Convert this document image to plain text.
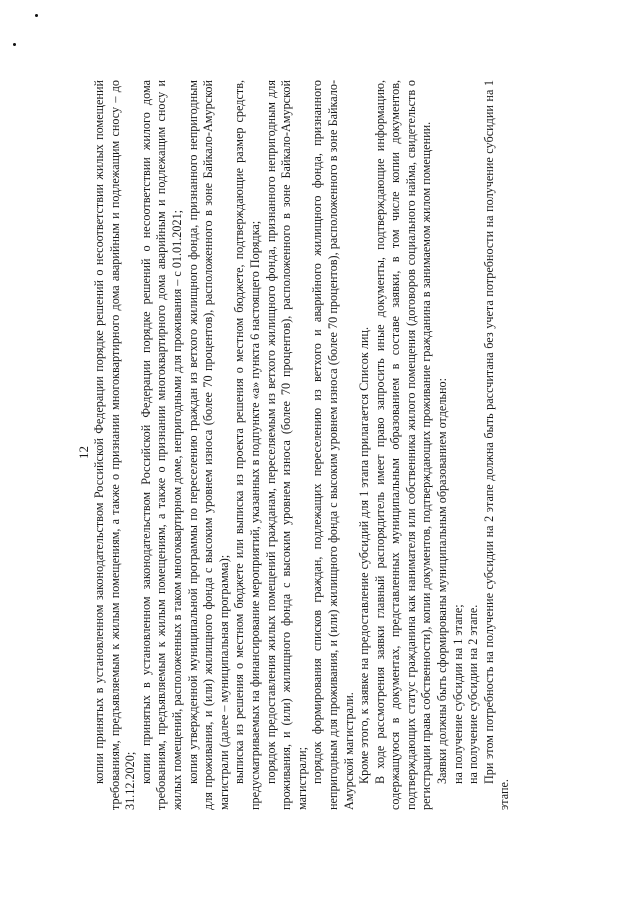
12 копии принятых в установленном законодательством Российской Федерации порядке решений о несоответствии жилых помещений требованиям, предъявляемым к жилым помещениям, а также о признании многоквартирного дома аварийным и подлежащим сносу – до 31.12.2020; копии принятых в установленном законодательством Российской Федерации порядке решений о несоответствии жилого дома требованиям, предъявляемым к жилым помещениям, а также о признании многоквартирного дома аварийным и подлежащим сносу и жилых помещений, расположенных в таком многоквартирном доме, непригодными для проживания – с 01.01.2021; копия утвержденной муниципальной программы по переселению граждан из ветхого жилищного фонда, признанного непригодным для проживания, и (или) жилищного фонда с высоким уровнем износа (более 70 процентов), расположенного в зоне Байкало-Амурской магистрали (далее – муниципальная программа); выписка из решения о местном бюджете или выписка из проекта решения о местном бюджете, подтверждающие размер средств, предусматриваемых на финансирование мероприятий, указанных в подпункте «а» пункта 6 настоящего Порядка; порядок предоставления жилых помещений гражданам, переселяемым из ветхого жилищного фонда, признанного непригодным для проживания, и (или) жилищного фонда с высоким уровнем износа (более 70 процентов), расположенного в зоне Байкало-Амурской магистрали; порядок формирования списков граждан, подлежащих переселению из ветхого и аварийного жилищного фонда, признанного непригодным для проживания, и (или) жилищного фонда с высоким уровнем износа (более 70 процентов), расположенного в зоне Байкало-Амурской магистрали. Кроме этого, к заявке на предоставление субсидий для 1 этапа прилагается Список лиц. В ходе рассмотрения заявки главный распорядитель имеет право запросить иные документы, подтверждающие информацию, содержащуюся в документах, представленных муниципальным образованием в составе заявки, в том числе копии документов, подтверждающих статус гражданина как нанимателя или собственника жилого помещения (договоров социального найма, свидетельств о регистрации права собственности), копии документов, подтверждающих проживание гражданина в занимаемом жилом помещении. Заявки должны быть сформированы муниципальным образованием отдельно: на получение субсидии на 1 этапе; на получение субсидии на 2 этапе. При этом потребность на получение субсидии на 2 этапе должна быть рассчитана без учета потребности на получение субсидии на 1 этапе.
